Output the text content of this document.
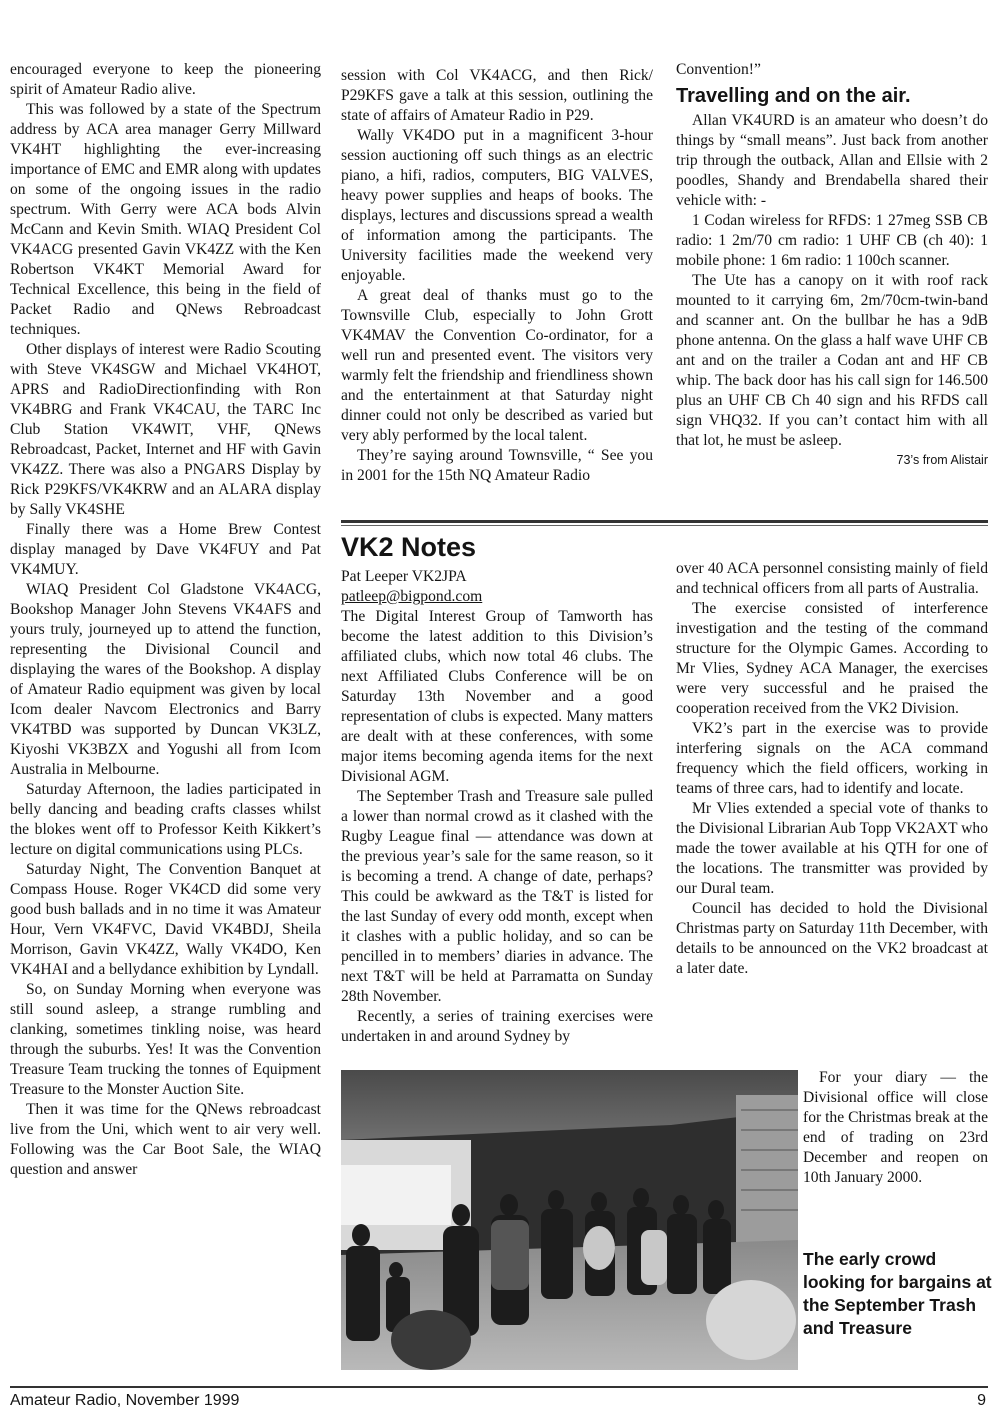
encouraged everyone to keep the pioneering spirit of Amateur Radio alive.

This was followed by a state of the Spectrum address by ACA area manager Gerry Millward VK4HT highlighting the ever-increasing importance of EMC and EMR along with updates on some of the ongoing issues in the radio spectrum. With Gerry were ACA bods Alvin McCann and Kevin Smith. WIAQ President Col VK4ACG presented Gavin VK4ZZ with the Ken Robertson VK4KT Memorial Award for Technical Excellence, this being in the field of Packet Radio and QNews Rebroadcast techniques.

Other displays of interest were Radio Scouting with Steve VK4SGW and Michael VK4HOT, APRS and RadioDirectionfinding with Ron VK4BRG and Frank VK4CAU, the TARC Inc Club Station VK4WIT, VHF, QNews Rebroadcast, Packet, Internet and HF with Gavin VK4ZZ. There was also a PNGARS Display by Rick P29KFS/VK4KRW and an ALARA display by Sally VK4SHE

Finally there was a Home Brew Contest display managed by Dave VK4FUY and Pat VK4MUY.

WIAQ President Col Gladstone VK4ACG, Bookshop Manager John Stevens VK4AFS and yours truly, journeyed up to attend the function, representing the Divisional Council and displaying the wares of the Bookshop. A display of Amateur Radio equipment was given by local Icom dealer Navcom Electronics and Barry VK4TBD was supported by Duncan VK3LZ, Kiyoshi VK3BZX and Yogushi all from Icom Australia in Melbourne.

Saturday Afternoon, the ladies participated in belly dancing and beading crafts classes whilst the blokes went off to Professor Keith Kikkert’s lecture on digital communications using PLCs.

Saturday Night, The Convention Banquet at Compass House. Roger VK4CD did some very good bush ballads and in no time it was Amateur Hour, Vern VK4FVC, David VK4BDJ, Sheila Morrison, Gavin VK4ZZ, Wally VK4DO, Ken VK4HAI and a bellydance exhibition by Lyndall.

So, on Sunday Morning when everyone was still sound asleep, a strange rumbling and clanking, sometimes tinkling noise, was heard through the suburbs. Yes! It was the Convention Treasure Team trucking the tonnes of Equipment Treasure to the Monster Auction Site.

Then it was time for the QNews rebroadcast live from the Uni, which went to air very well. Following was the Car Boot Sale, the WIAQ question and answer

session with Col VK4ACG, and then Rick/ P29KFS gave a talk at this session, outlining the state of affairs of Amateur Radio in P29.

Wally VK4DO put in a magnificent 3-hour session auctioning off such things as an electric piano, a hifi, radios, computers, BIG VALVES, heavy power supplies and heaps of books. The displays, lectures and discussions spread a wealth of information among the participants. The University facilities made the weekend very enjoyable.

A great deal of thanks must go to the Townsville Club, especially to John Grott VK4MAV the Convention Co-ordinator, for a well run and presented event. The visitors very warmly felt the friendship and friendliness shown and the entertainment at that Saturday night dinner could not only be described as varied but very ably performed by the local talent.

They’re saying around Townsville, “ See you in 2001 for the 15th NQ Amateur Radio

Convention!”

Travelling and on the air.

Allan VK4URD is an amateur who doesn’t do things by “small means”. Just back from another trip through the outback, Allan and Ellsie with 2 poodles, Shandy and Brendabella shared their vehicle with: -

1 Codan wireless for RFDS: 1 27meg SSB CB radio: 1 2m/70 cm radio: 1 UHF CB (ch 40): 1 mobile phone: 1 6m radio: 1 100ch scanner.

The Ute has a canopy on it with roof rack mounted to it carrying 6m, 2m/70cm-twin-band and scanner ant. On the bullbar he has a 9dB phone antenna. On the glass a half wave UHF CB ant and on the trailer a Codan ant and HF CB whip. The back door has his call sign for 146.500 plus an UHF CB Ch 40 sign and his RFDS call sign VHQ32. If you can’t contact him with all that lot, he must be asleep.

73’s from Alistair
VK2 Notes

Pat Leeper VK2JPA

patleep@bigpond.com

The Digital Interest Group of Tamworth has become the latest addition to this Division’s affiliated clubs, which now total 46 clubs. The next Affiliated Clubs Conference will be on Saturday 13th November and a good representation of clubs is expected. Many matters are dealt with at these conferences, with some major items becoming agenda items for the next Divisional AGM.

The September Trash and Treasure sale pulled a lower than normal crowd as it clashed with the Rugby League final — attendance was down at the previous year’s sale for the same reason, so it is becoming a trend. A change of date, perhaps? This could be awkward as the T&T is listed for the last Sunday of every odd month, except when it clashes with a public holiday, and so can be pencilled in to members’ diaries in advance. The next T&T will be held at Parramatta on Sunday 28th November.

Recently, a series of training exercises were undertaken in and around Sydney by

over 40 ACA personnel consisting mainly of field and technical officers from all parts of Australia.

The exercise consisted of interference investigation and the testing of the command structure for the Olympic Games. According to Mr Vlies, Sydney ACA Manager, the exercises were very successful and he praised the cooperation received from the VK2 Division.

VK2’s part in the exercise was to provide interfering signals on the ACA command frequency which the field officers, working in teams of three cars, had to identify and locate.

Mr Vlies extended a special vote of thanks to the Divisional Librarian Aub Topp VK2AXT who made the tower available at his QTH for one of the locations. The transmitter was provided by our Dural team.

Council has decided to hold the Divisional Christmas party on Saturday 11th December, with details to be announced on the VK2 broadcast at a later date.

For your diary — the Divisional office will close for the Christmas break at the end of trading on 23rd December and reopen on 10th January 2000.

The early crowd looking for bargains at the September Trash and Treasure

Amateur Radio, November 1999	9
